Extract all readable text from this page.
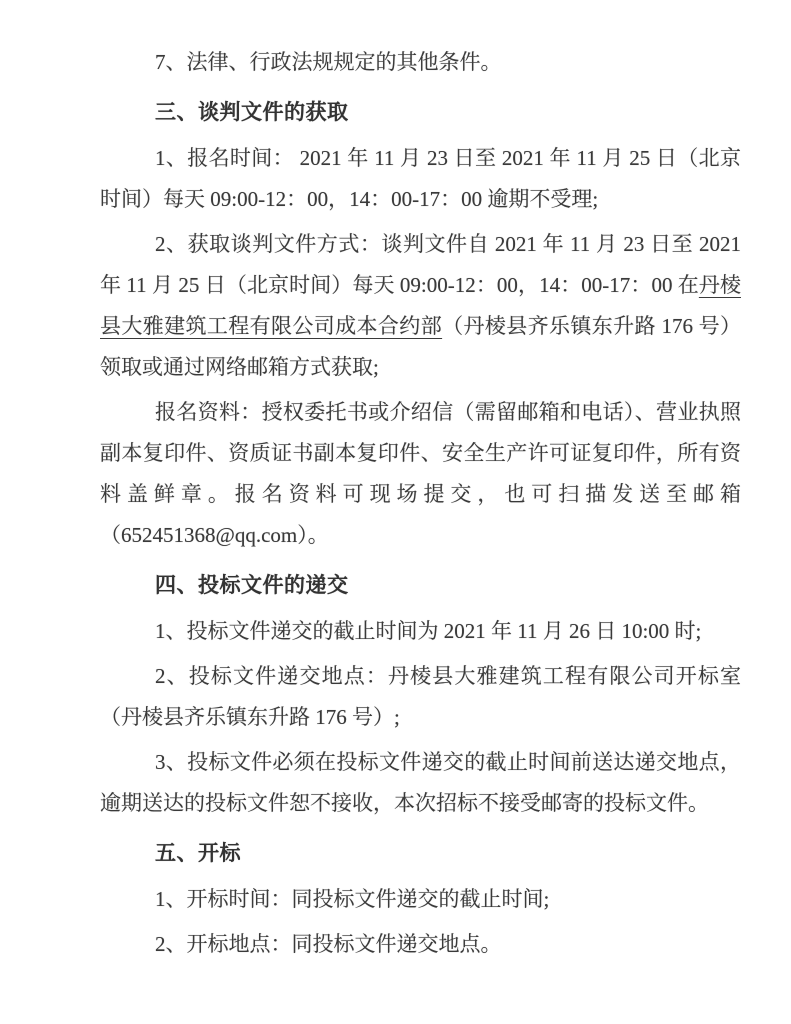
7、法律、行政法规规定的其他条件。

三、谈判文件的获取

1、报名时间： 2021 年 11 月 23 日至 2021 年 11 月 25 日（北京时间）每天 09:00-12：00，14：00-17：00 逾期不受理;

2、获取谈判文件方式：谈判文件自 2021 年 11 月 23 日至 2021 年 11 月 25 日（北京时间）每天 09:00-12：00，14：00-17：00 在丹棱县大雅建筑工程有限公司成本合约部（丹棱县齐乐镇东升路 176 号）领取或通过网络邮箱方式获取;

报名资料：授权委托书或介绍信（需留邮箱和电话）、营业执照副本复印件、资质证书副本复印件、安全生产许可证复印件，所有资料盖鲜章。报名资料可现场提交，也可扫描发送至邮箱（652451368@qq.com）。

四、投标文件的递交

1、投标文件递交的截止时间为 2021 年 11 月 26 日 10:00 时;

2、投标文件递交地点：丹棱县大雅建筑工程有限公司开标室（丹棱县齐乐镇东升路 176 号）;

3、投标文件必须在投标文件递交的截止时间前送达递交地点，逾期送达的投标文件恕不接收，本次招标不接受邮寄的投标文件。

五、开标

1、开标时间：同投标文件递交的截止时间;

2、开标地点：同投标文件递交地点。
